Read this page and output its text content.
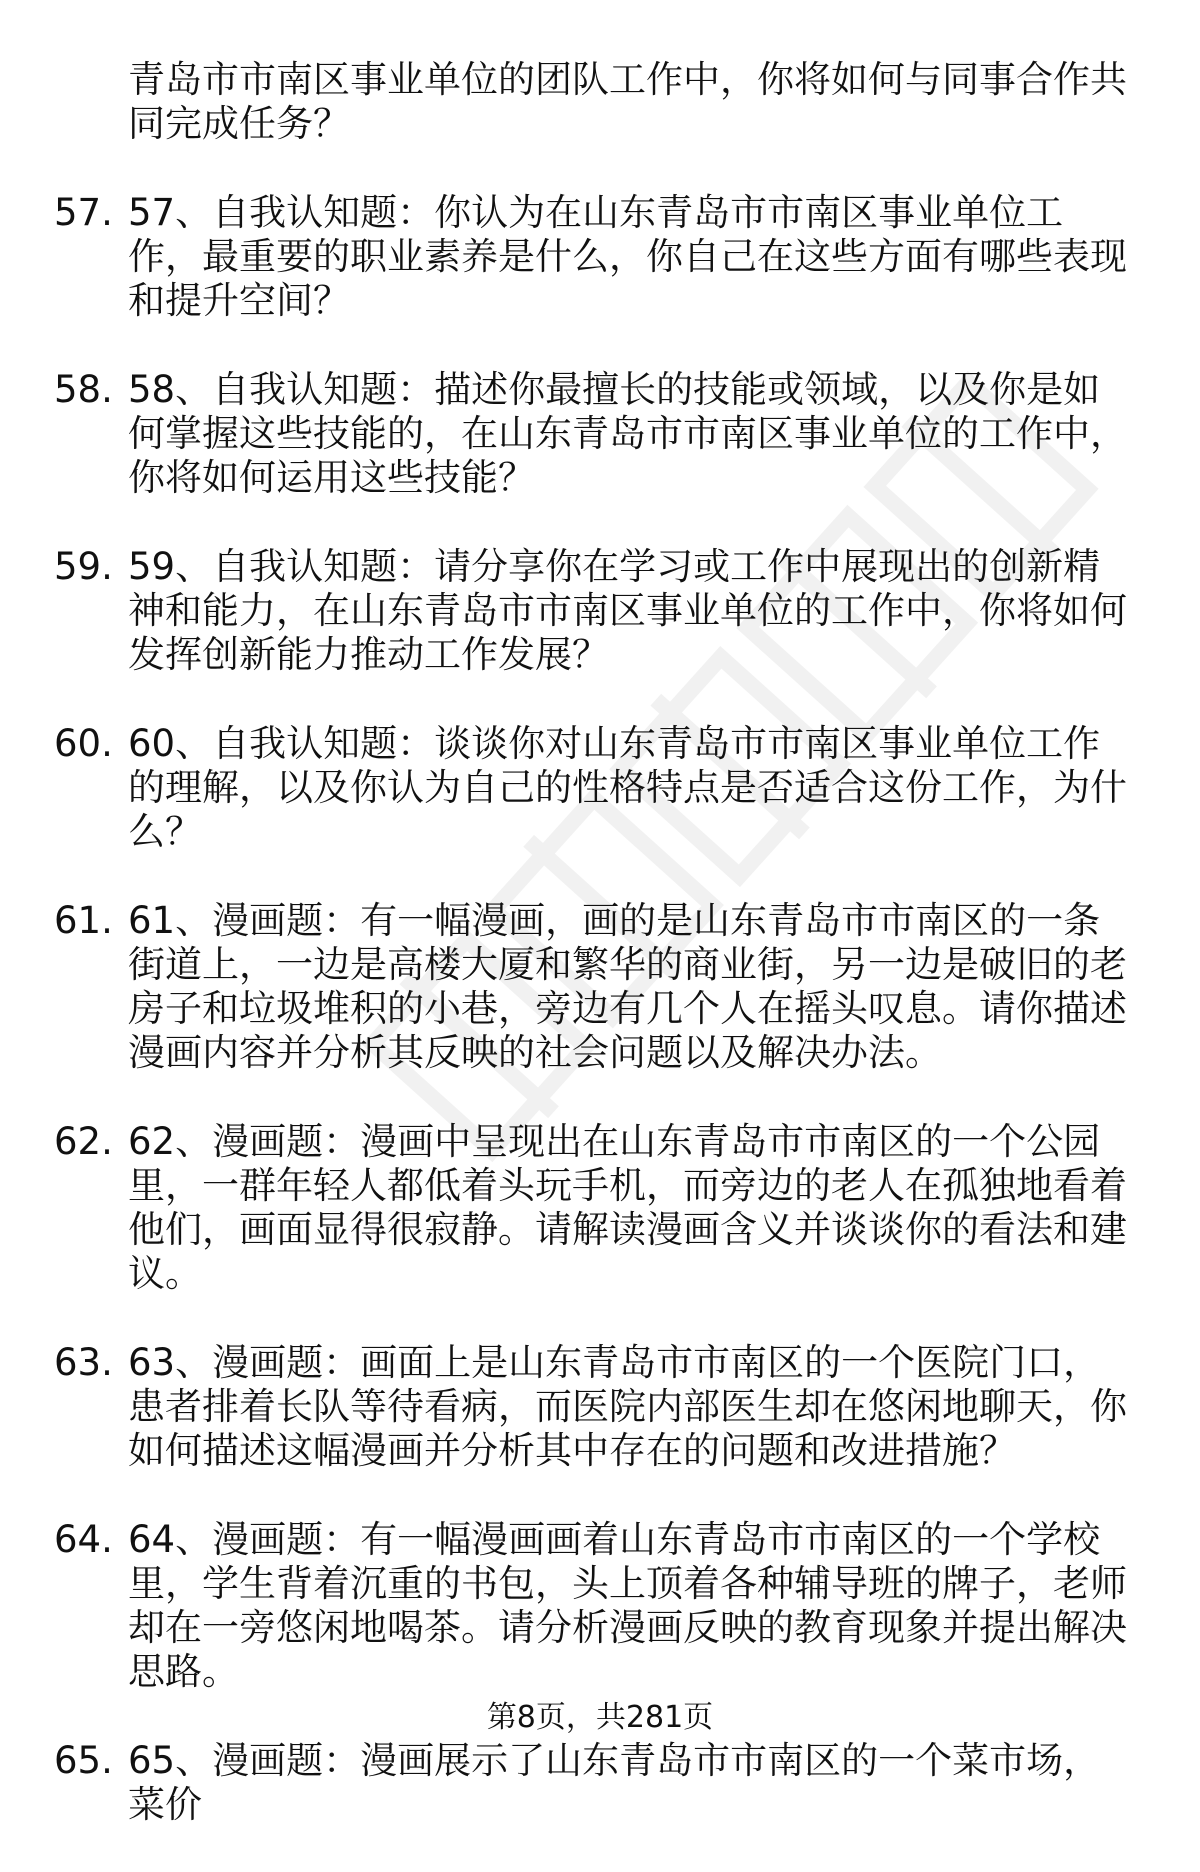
青岛市市南区事业单位的团队工作中，你将如何与同事合作共同完成任务？
57. 57、自我认知题：你认为在山东青岛市市南区事业单位工作，最重要的职业素养是什么，你自己在这些方面有哪些表现和提升空间？
58. 58、自我认知题：描述你最擅长的技能或领域，以及你是如何掌握这些技能的，在山东青岛市市南区事业单位的工作中，你将如何运用这些技能？
59. 59、自我认知题：请分享你在学习或工作中展现出的创新精神和能力，在山东青岛市市南区事业单位的工作中，你将如何发挥创新能力推动工作发展？
60. 60、自我认知题：谈谈你对山东青岛市市南区事业单位工作的理解，以及你认为自己的性格特点是否适合这份工作，为什么？
61. 61、漫画题：有一幅漫画，画的是山东青岛市市南区的一条街道上，一边是高楼大厦和繁华的商业街，另一边是破旧的老房子和垃圾堆积的小巷，旁边有几个人在摇头叹息。请你描述漫画内容并分析其反映的社会问题以及解决办法。
62. 62、漫画题：漫画中呈现出在山东青岛市市南区的一个公园里，一群年轻人都低着头玩手机，而旁边的老人在孤独地看着他们，画面显得很寂静。请解读漫画含义并谈谈你的看法和建议。
63. 63、漫画题：画面上是山东青岛市市南区的一个医院门口，患者排着长队等待看病，而医院内部医生却在悠闲地聊天，你如何描述这幅漫画并分析其中存在的问题和改进措施？
64. 64、漫画题：有一幅漫画画着山东青岛市市南区的一个学校里，学生背着沉重的书包，头上顶着各种辅导班的牌子，老师却在一旁悠闲地喝茶。请分析漫画反映的教育现象并提出解决思路。
65. 65、漫画题：漫画展示了山东青岛市市南区的一个菜市场，菜价
第8页，共281页
